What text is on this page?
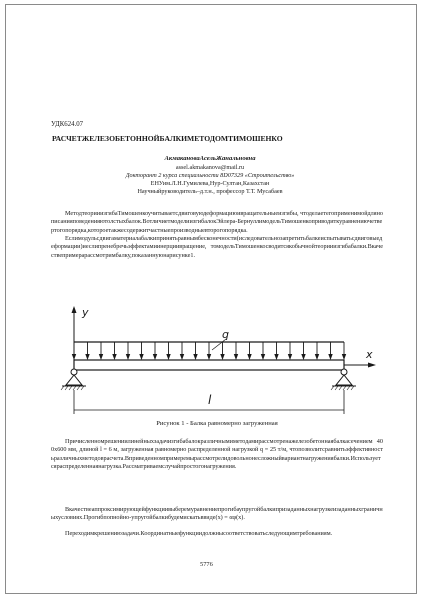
УДК624.07
РАСЧЕТЖЕЛЕЗОБЕТОННОЙБАЛКИМЕТОДОМТИМОШЕНКО
АкмакановаАсельЖанальновна
assel.akmakanova@mail.ru
Докторант 2 курса специальности 8D07329 «Строительство»
ЕНУим.Л.Н.Гумилева,Нур-Султан,Казахстан
Научныйруководитель–д.т.н., профессор Т.Т. Мусабаев
МетодтеорииизгибаТимошенкоучитываетсдвиговуюдеформациюивращательныеизгибы, чтоделаетегоприменимойдлянописанияповеденияютолстыхбалок.ВотличиетмоделиизгибалокЭйлера-БернуллимодельТимошенкоприводиткуравнениючетвертогопорядка,котороетакжесодержитчастныепроизводныевторогопорядка.
Еслимодульсдвигаматериалабалкипринятьравнымбесконечности(иследовательнозапретитьбалкеиспытыватьсдвиговыедеформации)иеслипренебречьэффектамиинерциивращение, томодельТимошенкосводитсякобычнойтеорииизгибабалки.Вкачествепримерарассмотримбалку,показаннуюнарисунке1.
y
q
x
l
Рисунок 1 - Балка равномерно загруженная
Причисленномрешениилинейныхзадачизгибабалокразличнымиметодамирассмотренажелезобетоннаябалкасечением 400х600 мм, длиной l = 6 м, загруженная равномерно распределенной нагрузкой q = 25 т/м, чтопозволитсравнитьэффективностьразличныхметодоврасчета.Вприведенномпримеремырассмотрелидовольнонесложныйвариантнагружениябалки.Используетсяраспределеннаянагрузка.Рассматриваемслучайпростогонагружения.
Вкачествеаппроксимирующейфункциивыберемуравнениепрогибаупругойбалкипризаданныхнагрузкеизаданныхграничныхусловиях.Прогибпопнойно-упругойбалкибудемискатьввиде(x) = αφ(x).
Переходимкрешениюзадачи.Координатныефункциидолжнысоответствоватьследующимтребованиям.
5776
